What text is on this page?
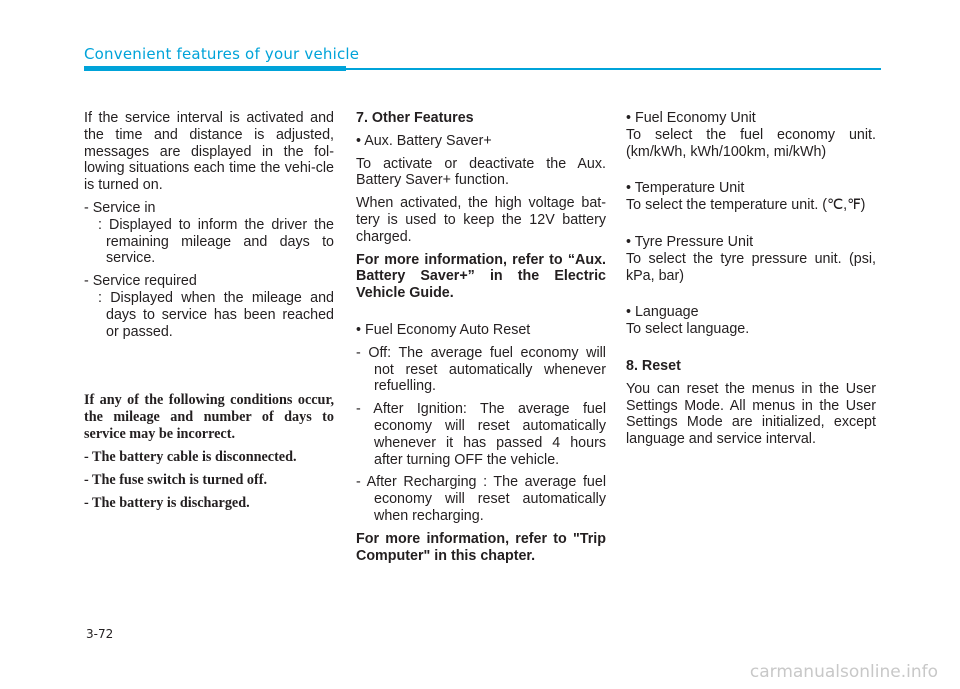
Convenient features of your vehicle

If the service interval is activated and the time and distance is adjusted, messages are displayed in the fol-lowing situations each time the vehi-cle is turned on.

- Service in

: Displayed to inform the driver the remaining mileage and days to service.

- Service required

: Displayed when the mileage and days to service has been reached or passed.

If any of the following conditions occur, the mileage and number of days to service may be incorrect.

- The battery cable is disconnected.

- The fuse switch is turned off.

- The battery is discharged.

7. Other Features

• Aux. Battery Saver+

To activate or deactivate the Aux. Battery Saver+ function.

When activated, the high voltage bat-tery is used to keep the 12V battery charged.

For more information, refer to “Aux. Battery Saver+” in the Electric Vehicle Guide.

• Fuel Economy Auto Reset

- Off: The average fuel economy will not reset automatically whenever refuelling.

- After Ignition: The average fuel economy will reset automatically whenever it has passed 4 hours after turning OFF the vehicle.

- After Recharging : The average fuel economy will reset automatically when recharging.

For more information, refer to "Trip Computer" in this chapter.

• Fuel Economy Unit

To select the fuel economy unit. (km/kWh, kWh/100km, mi/kWh)

• Temperature Unit

To select the temperature unit. (℃,℉)

• Tyre Pressure Unit

To select the tyre pressure unit. (psi, kPa, bar)

• Language

To select language.

8. Reset

You can reset the menus in the User Settings Mode. All menus in the User Settings Mode are initialized, except language and service interval.

3-72
carmanualsonline.info
